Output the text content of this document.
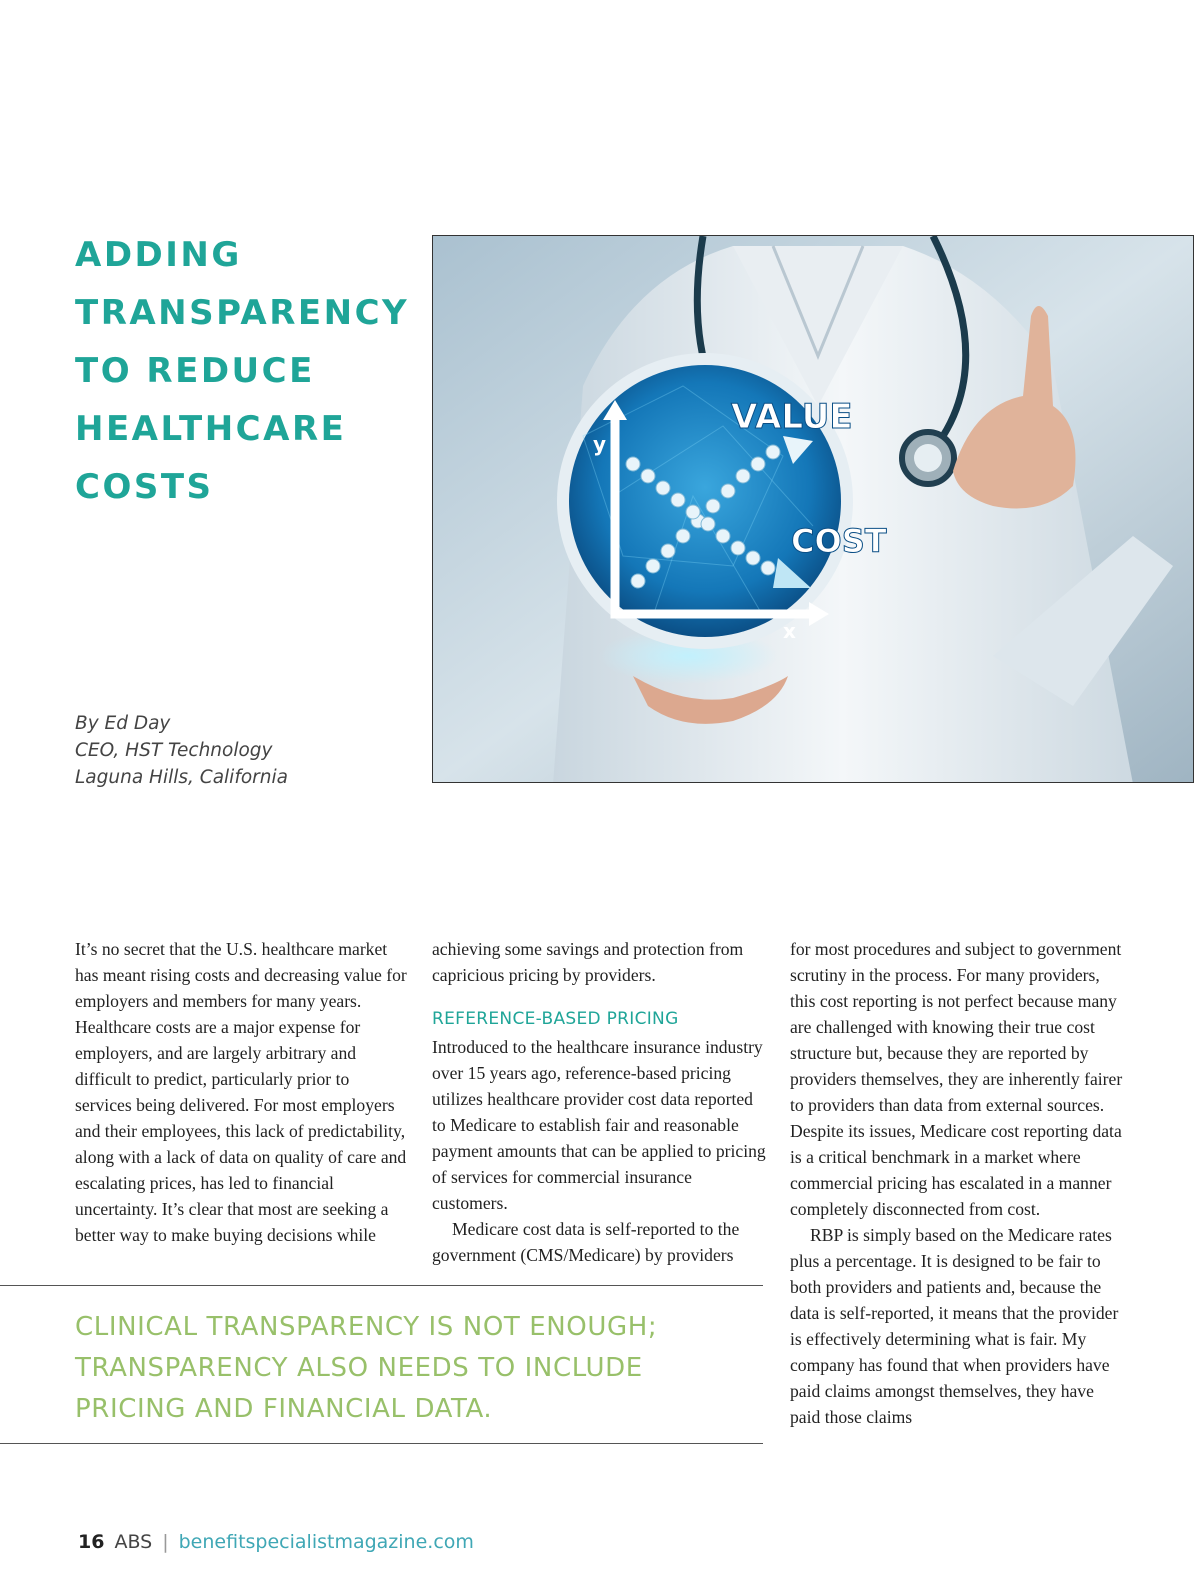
ADDING
TRANSPARENCY
TO REDUCE
HEALTHCARE
COSTS
By Ed Day
CEO, HST Technology
Laguna Hills, California
y
x
VALUE
COST

It’s no secret that the U.S. healthcare market has meant rising costs and decreasing value for employers and members for many years. Healthcare costs are a major expense for employers, and are largely arbitrary and difficult to predict, particularly prior to services being delivered. For most employers and their employees, this lack of predictability, along with a lack of data on quality of care and escalating prices, has led to financial uncertainty. It’s clear that most are seeking a better way to make buying decisions while

achieving some savings and protection from capricious pricing by providers.

REFERENCE-BASED PRICING

Introduced to the healthcare insurance industry over 15 years ago, reference-based pricing utilizes healthcare provider cost data reported to Medicare to establish fair and reasonable payment amounts that can be applied to pricing of services for commercial insurance customers.

Medicare cost data is self-reported to the government (CMS/Medicare) by providers

for most procedures and subject to government scrutiny in the process. For many providers, this cost reporting is not perfect because many are challenged with knowing their true cost structure but, because they are reported by providers themselves, they are inherently fairer to providers than data from external sources. Despite its issues, Medicare cost reporting data is a critical benchmark in a market where commercial pricing has escalated in a manner completely disconnected from cost.

RBP is simply based on the Medicare rates plus a percentage. It is designed to be fair to both providers and patients and, because the data is self-reported, it means that the provider is effectively determining what is fair. My company has found that when providers have paid claims amongst themselves, they have paid those claims

CLINICAL TRANSPARENCY IS NOT ENOUGH; TRANSPARENCY ALSO NEEDS TO INCLUDE PRICING AND FINANCIAL DATA.
16 ABS | benefitspecialistmagazine.com
